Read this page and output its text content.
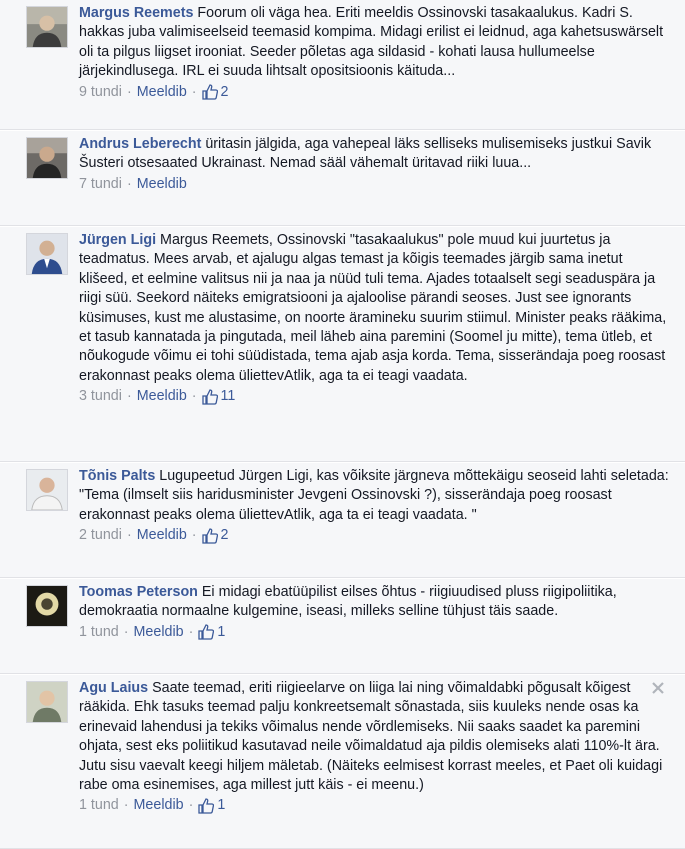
Margus Reemets Foorum oli väga hea. Eriti meeldis Ossinovski tasakaalukus. Kadri S. hakkas juba valimiseelseid teemasid kompima. Midagi erilist ei leidnud, aga kahetsuswärselt oli ta pilgus liigset irooniat. Seeder põletas aga sildasid - kohati lausa hullumeelse järjekindlusega. IRL ei suuda lihtsalt opositsioonis käituda...
9 tundi · Meeldib · 2
Andrus Leberecht üritasin jälgida, aga vahepeal läks selliseks mulisemiseks justkui Savik Šusteri otsesaated Ukrainast. Nemad sääl vähemalt üritavad riiki luua...
7 tundi · Meeldib
Jürgen Ligi Margus Reemets, Ossinovski "tasakaalukus" pole muud kui juurtetus ja teadmatus. Mees arvab, et ajalugu algas temast ja kõigis teemades järgib sama inetut klišeed, et eelmine valitsus nii ja naa ja nüüd tuli tema. Ajades totaalselt segi seaduspära ja riigi süü. Seekord näiteks emigratsiooni ja ajaloolise pärandi seoses. Just see ignorants küsimuses, kust me alustasime, on noorte äramineku suurim stiimul. Minister peaks rääkima, et tasub kannatada ja pingutada, meil läheb aina paremini (Soomel ju mitte), tema ütleb, et nõukogude võimu ei tohi süüdistada, tema ajab asja korda. Tema, sisserändaja poeg roosast erakonnast peaks olema üliettevAtlik, aga ta ei teagi vaadata.
3 tundi · Meeldib · 11
Tõnis Palts Lugupeetud Jürgen Ligi, kas võiksite järgneva mõttekäigu seoseid lahti seletada: "Tema (ilmselt siis haridusminister Jevgeni Ossinovski ?), sisserändaja poeg roosast erakonnast peaks olema üliettevAtlik, aga ta ei teagi vaadata. "
2 tundi · Meeldib · 2
Toomas Peterson Ei midagi ebatüüpilist eilses õhtus - riigiuudised pluss riigipoliitika, demokraatia normaalne kulgemine, iseasi, milleks selline tühjust täis saade.
1 tund · Meeldib · 1
Agu Laius Saate teemad, eriti riigieelarve on liiga lai ning võimaldabki põgusalt kõigest rääkida. Ehk tasuks teemad palju konkreetsemalt sõnastada, siis kuuleks nende osas ka erinevaid lahendusi ja tekiks võimalus nende võrdlemiseks. Nii saaks saadet ka paremini ohjata, sest eks poliitikud kasutavad neile võimaldatud aja pildis olemiseks alati 110%-lt ära. Jutu sisu vaevalt keegi hiljem mäletab. (Näiteks eelmisest korrast meeles, et Paet oli kuidagi rabe oma esinemises, aga millest jutt käis - ei meenu.)
1 tund · Meeldib · 1
